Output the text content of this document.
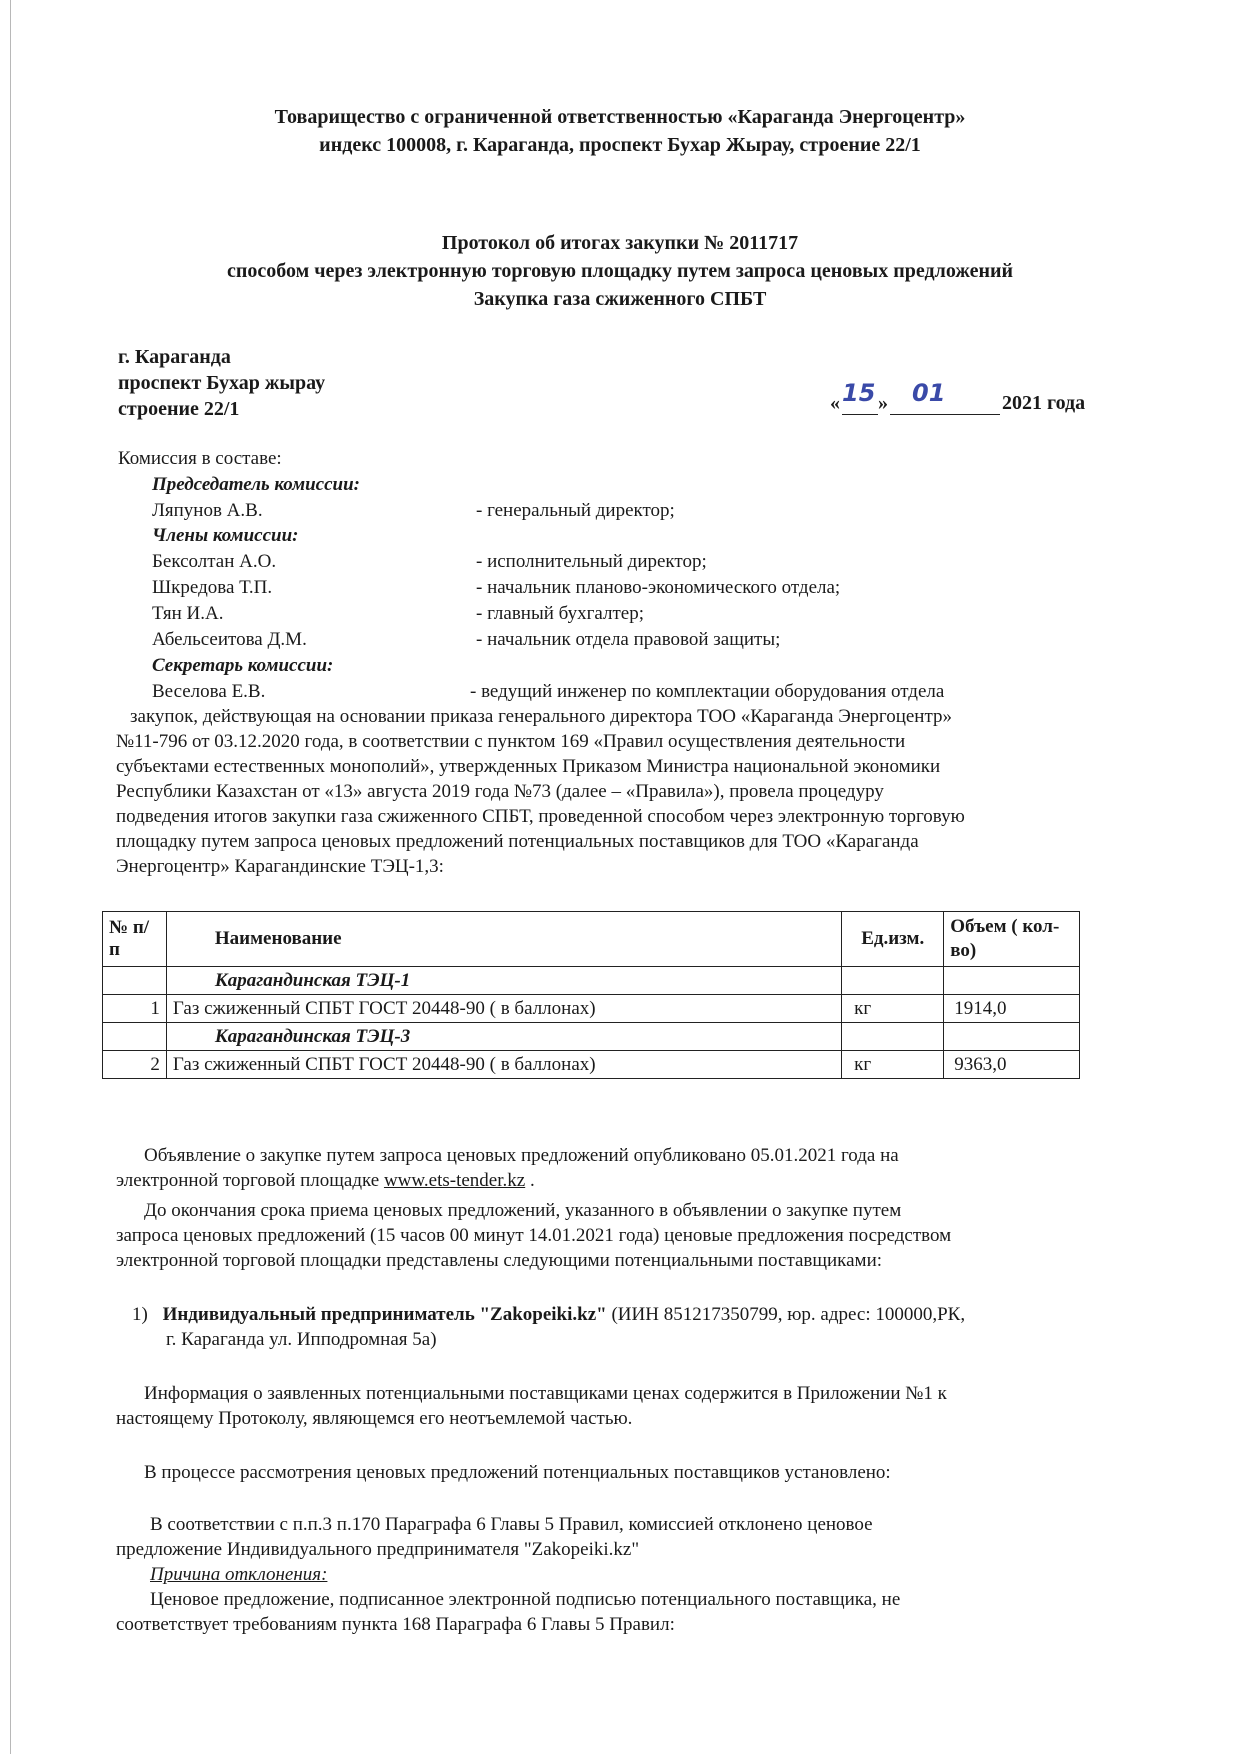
Товарищество с ограниченной ответственностью «Караганда Энергоцентр»
индекс 100008, г. Караганда, проспект Бухар Жырау, строение 22/1
Протокол об итогах закупки № 2011717
способом через электронную торговую площадку путем запроса ценовых предложений
Закупка газа сжиженного СПБТ
г. Караганда
проспект Бухар жырау
строение 22/1	« 15 » 01	2021 года
Комиссия в составе:
Председатель комиссии:
Ляпунов А.В.	- генеральный директор;
Члены комиссии:
Бексолтан А.О.	- исполнительный директор;
Шкредова Т.П.	- начальник планово-экономического отдела;
Тян И.А.	- главный бухгалтер;
Абельсеитова Д.М.	- начальник отдела правовой защиты;
Секретарь комиссии:
Веселова Е.В.	- ведущий инженер по комплектации оборудования отдела
закупок, действующая на основании приказа генерального директора ТОО «Караганда Энергоцентр»
№11-796 от 03.12.2020 года, в соответствии с пунктом 169 «Правил осуществления деятельности
субъектами естественных монополий», утвержденных Приказом Министра национальной экономики
Республики Казахстан от «13» августа 2019 года №73 (далее – «Правила»), провела процедуру
подведения итогов закупки газа сжиженного СПБТ, проведенной способом через электронную торговую
площадку путем запроса ценовых предложений потенциальных поставщиков для ТОО «Караганда
Энергоцентр» Карагандинские ТЭЦ-1,3:
№ п/п	Наименование	Ед.изм.	Объем ( кол-во)
	Карагандинская ТЭЦ-1		
1	Газ сжиженный СПБТ ГОСТ 20448-90 ( в баллонах)	кг	1914,0
	Карагандинская ТЭЦ-3		
2	Газ сжиженный СПБТ ГОСТ 20448-90 ( в баллонах)	кг	9363,0
Объявление о закупке путем запроса ценовых предложений опубликовано 05.01.2021 года на
электронной торговой площадке www.ets-tender.kz .
До окончания срока приема ценовых предложений, указанного в объявлении о закупке путем
запроса ценовых предложений (15 часов 00 минут 14.01.2021 года) ценовые предложения посредством
электронной торговой площадки представлены следующими потенциальными поставщиками:
1) Индивидуальный предприниматель "Zakopeiki.kz" (ИИН 851217350799, юр. адрес: 100000,РК,
г. Караганда ул. Ипподромная 5а)
Информация о заявленных потенциальными поставщиками ценах содержится в Приложении №1 к
настоящему Протоколу, являющемся его неотъемлемой частью.
В процессе рассмотрения ценовых предложений потенциальных поставщиков установлено:
В соответствии с п.п.3 п.170 Параграфа 6 Главы 5 Правил, комиссией отклонено ценовое
предложение Индивидуального предпринимателя "Zakopeiki.kz"
Причина отклонения:
Ценовое предложение, подписанное электронной подписью потенциального поставщика, не
соответствует требованиям пункта 168 Параграфа 6 Главы 5 Правил:
